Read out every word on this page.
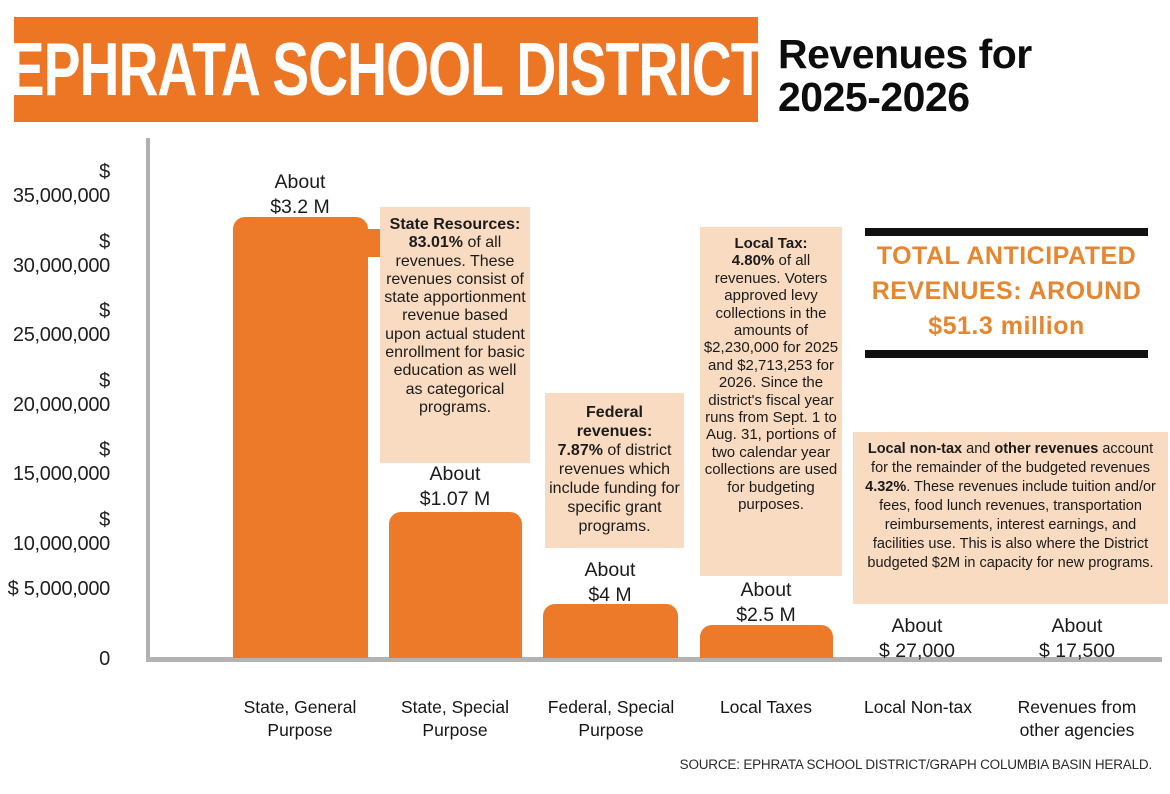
EPHRATA SCHOOL DISTRICT Revenues for
2025-2026
$ 35,000,000
$ 30,000,000
$ 25,000,000
$ 20,000,000
$ 15,000,000
$ 10,000,000
$ 5,000,000
0
About
$3.2 M
About
$1.07 M
About
$4 M	About
$2.5 M	About
$ 27,000
About
$ 17,500
State Resources:
83.01% of all revenues. These revenues consist of state apportionment revenue based upon actual student enrollment for basic education as well as categorical programs.	Federal revenues:
7.87% of district revenues which include funding for specific grant programs.
Local Tax:
4.80% of all revenues. Voters approved levy collections in the amounts of $2,230,000 for 2025 and $2,713,253 for 2026. Since the district's fiscal year runs from Sept. 1 to Aug. 31, portions of two calendar year collections are used for budgeting purposes.
Local non-tax and other revenues account for the remainder of the budgeted revenues 4.32%. These revenues include tuition and/or fees, food lunch revenues, transportation reimbursements, interest earnings, and facilities use. This is also where the District budgeted $2M in capacity for new programs.
TOTAL ANTICIPATED
REVENUES: AROUND
$51.3 million
State, General
Purpose
State, Special
Purpose
Federal, Special
Purpose
Local Taxes	Local Non-tax	Revenues from
other agencies
SOURCE: EPHRATA SCHOOL DISTRICT/GRAPH COLUMBIA BASIN HERALD.
